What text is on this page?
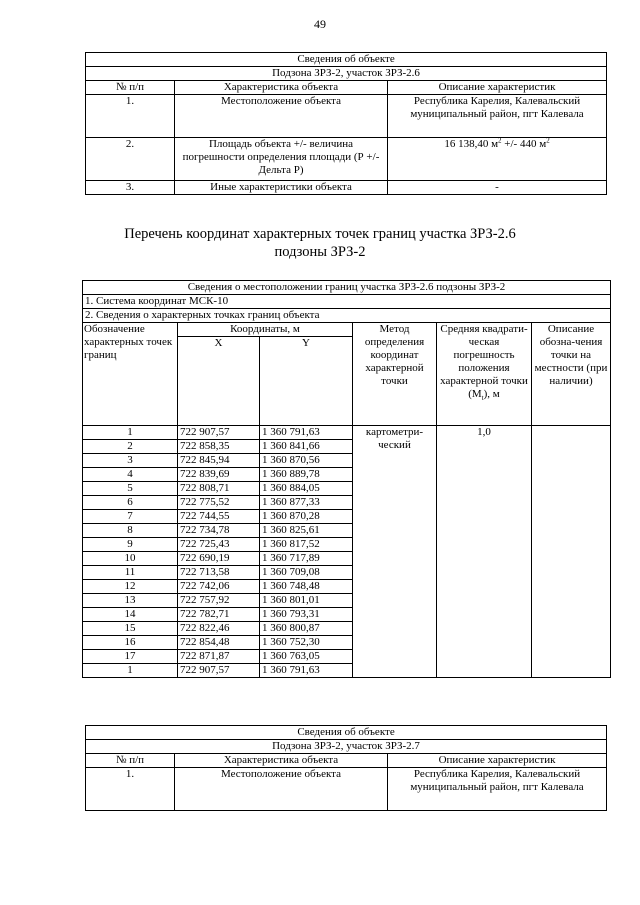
49
Сведения об объекте		
Подзона ЗРЗ-2, участок ЗРЗ-2.6		
№ п/п	Характеристика объекта	Описание характеристик
1.	Местоположение объекта	Республика Карелия, Калевальский муниципальный район, пгт Калевала
2.	Площадь объекта +/- величина погрешности определения площади (Р +/- Дельта Р)	16 138,40 $м^2$ +/- 440 $м^2$
3.	Иные характеристики объекта	-
Перечень координат характерных точек границ участка ЗРЗ-2.6
подзоны ЗРЗ-2
Сведения о местоположении границ участка ЗРЗ-2.6 подзоны ЗРЗ-2					
1. Система координат МСК-10					
2. Сведения о характерных точках границ объекта					
Обозначение характерных точек границ	Координаты, м		Метод определения координат характерной точки	Средняя квадрати-ческая погрешность положения характерной точки $(M_t)$, м	Описание обозна-чения точки на местности (при наличии)
	X	Y			
1	722 907,57	1 360 791,63	картометри-ческий	1,0	
2	722 858,35	1 360 841,66			
3	722 845,94	1 360 870,56			
4	722 839,69	1 360 889,78			
5	722 808,71	1 360 884,05			
6	722 775,52	1 360 877,33			
7	722 744,55	1 360 870,28			
8	722 734,78	1 360 825,61			
9	722 725,43	1 360 817,52			
10	722 690,19	1 360 717,89			
11	722 713,58	1 360 709,08			
12	722 742,06	1 360 748,48			
13	722 757,92	1 360 801,01			
14	722 782,71	1 360 793,31			
15	722 822,46	1 360 800,87			
16	722 854,48	1 360 752,30			
17	722 871,87	1 360 763,05			
1	722 907,57	1 360 791,63			
Сведения об объекте		
Подзона ЗРЗ-2, участок ЗРЗ-2.7		
№ п/п	Характеристика объекта	Описание характеристик
1.	Местоположение объекта	Республика Карелия, Калевальский муниципальный район, пгт Калевала
